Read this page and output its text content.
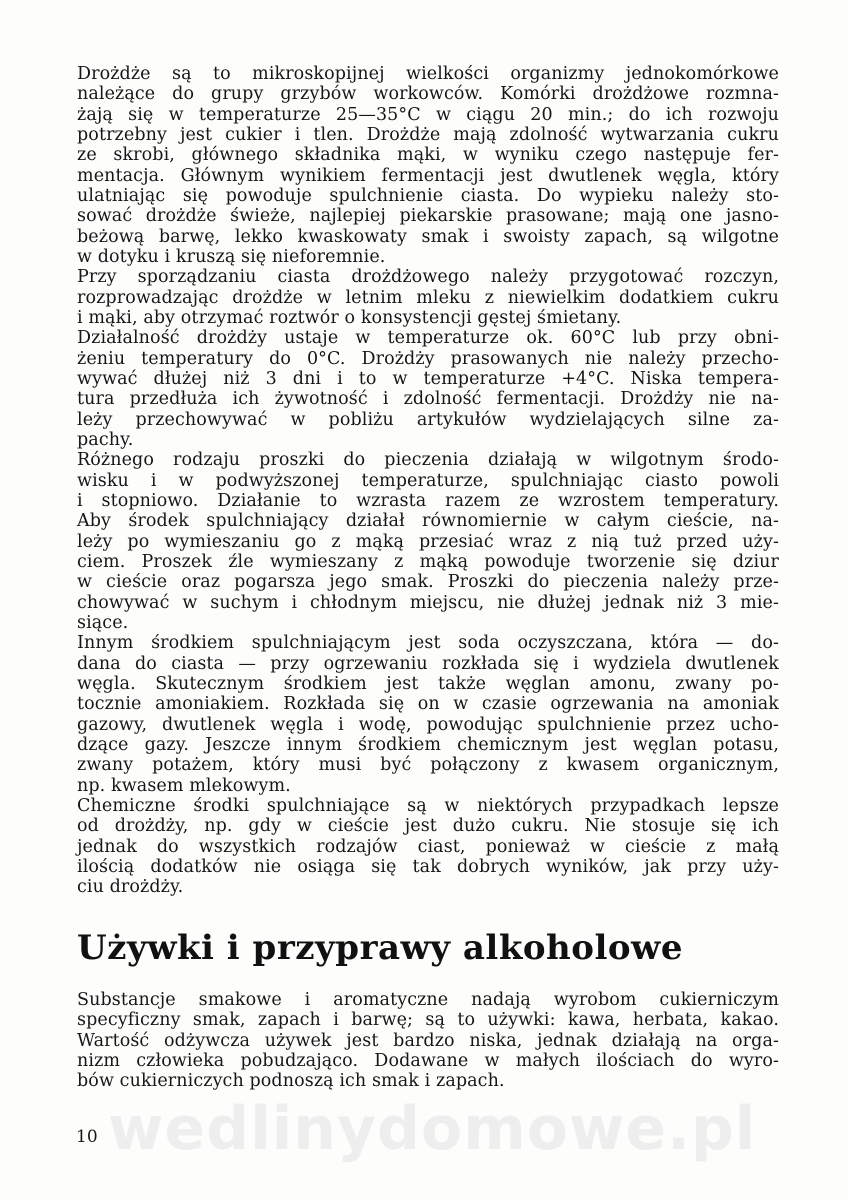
Drożdże są to mikroskopijnej wielkości organizmy jednokomórkowe

należące do grupy grzybów workowców. Komórki drożdżowe rozmna-

żają się w temperaturze 25—35°C w ciągu 20 min.; do ich rozwoju

potrzebny jest cukier i tlen. Drożdże mają zdolność wytwarzania cukru

ze skrobi, głównego składnika mąki, w wyniku czego następuje fer-

mentacja. Głównym wynikiem fermentacji jest dwutlenek węgla, który

ulatniając się powoduje spulchnienie ciasta. Do wypieku należy sto-

sować drożdże świeże, najlepiej piekarskie prasowane; mają one jasno-

beżową barwę, lekko kwaskowaty smak i swoisty zapach, są wilgotne

w dotyku i kruszą się nieforemnie.

Przy sporządzaniu ciasta drożdżowego należy przygotować rozczyn,

rozprowadzając drożdże w letnim mleku z niewielkim dodatkiem cukru

i mąki, aby otrzymać roztwór o konsystencji gęstej śmietany.

Działalność drożdży ustaje w temperaturze ok. 60°C lub przy obni-

żeniu temperatury do 0°C. Drożdży prasowanych nie należy przecho-

wywać dłużej niż 3 dni i to w temperaturze +4°C. Niska tempera-

tura przedłuża ich żywotność i zdolność fermentacji. Drożdży nie na-

leży przechowywać w pobliżu artykułów wydzielających silne za-

pachy.

Różnego rodzaju proszki do pieczenia działają w wilgotnym środo-

wisku i w podwyższonej temperaturze, spulchniając ciasto powoli

i stopniowo. Działanie to wzrasta razem ze wzrostem temperatury.

Aby środek spulchniający działał równomiernie w całym cieście, na-

leży po wymieszaniu go z mąką przesiać wraz z nią tuż przed uży-

ciem. Proszek źle wymieszany z mąką powoduje tworzenie się dziur

w cieście oraz pogarsza jego smak. Proszki do pieczenia należy prze-

chowywać w suchym i chłodnym miejscu, nie dłużej jednak niż 3 mie-

siące.

Innym środkiem spulchniającym jest soda oczyszczana, która — do-

dana do ciasta — przy ogrzewaniu rozkłada się i wydziela dwutlenek

węgla. Skutecznym środkiem jest także węglan amonu, zwany po-

tocznie amoniakiem. Rozkłada się on w czasie ogrzewania na amoniak

gazowy, dwutlenek węgla i wodę, powodując spulchnienie przez ucho-

dzące gazy. Jeszcze innym środkiem chemicznym jest węglan potasu,

zwany potażem, który musi być połączony z kwasem organicznym,

np. kwasem mlekowym.

Chemiczne środki spulchniające są w niektórych przypadkach lepsze

od drożdży, np. gdy w cieście jest dużo cukru. Nie stosuje się ich

jednak do wszystkich rodzajów ciast, ponieważ w cieście z małą

ilością dodatków nie osiąga się tak dobrych wyników, jak przy uży-

ciu drożdży.

Używki i przyprawy alkoholowe

Substancje smakowe i aromatyczne nadają wyrobom cukierniczym

specyficzny smak, zapach i barwę; są to używki: kawa, herbata, kakao.

Wartość odżywcza używek jest bardzo niska, jednak działają na orga-

nizm człowieka pobudzająco. Dodawane w małych ilościach do wyro-

bów cukierniczych podnoszą ich smak i zapach.

wedlinydomowe.pl

10
